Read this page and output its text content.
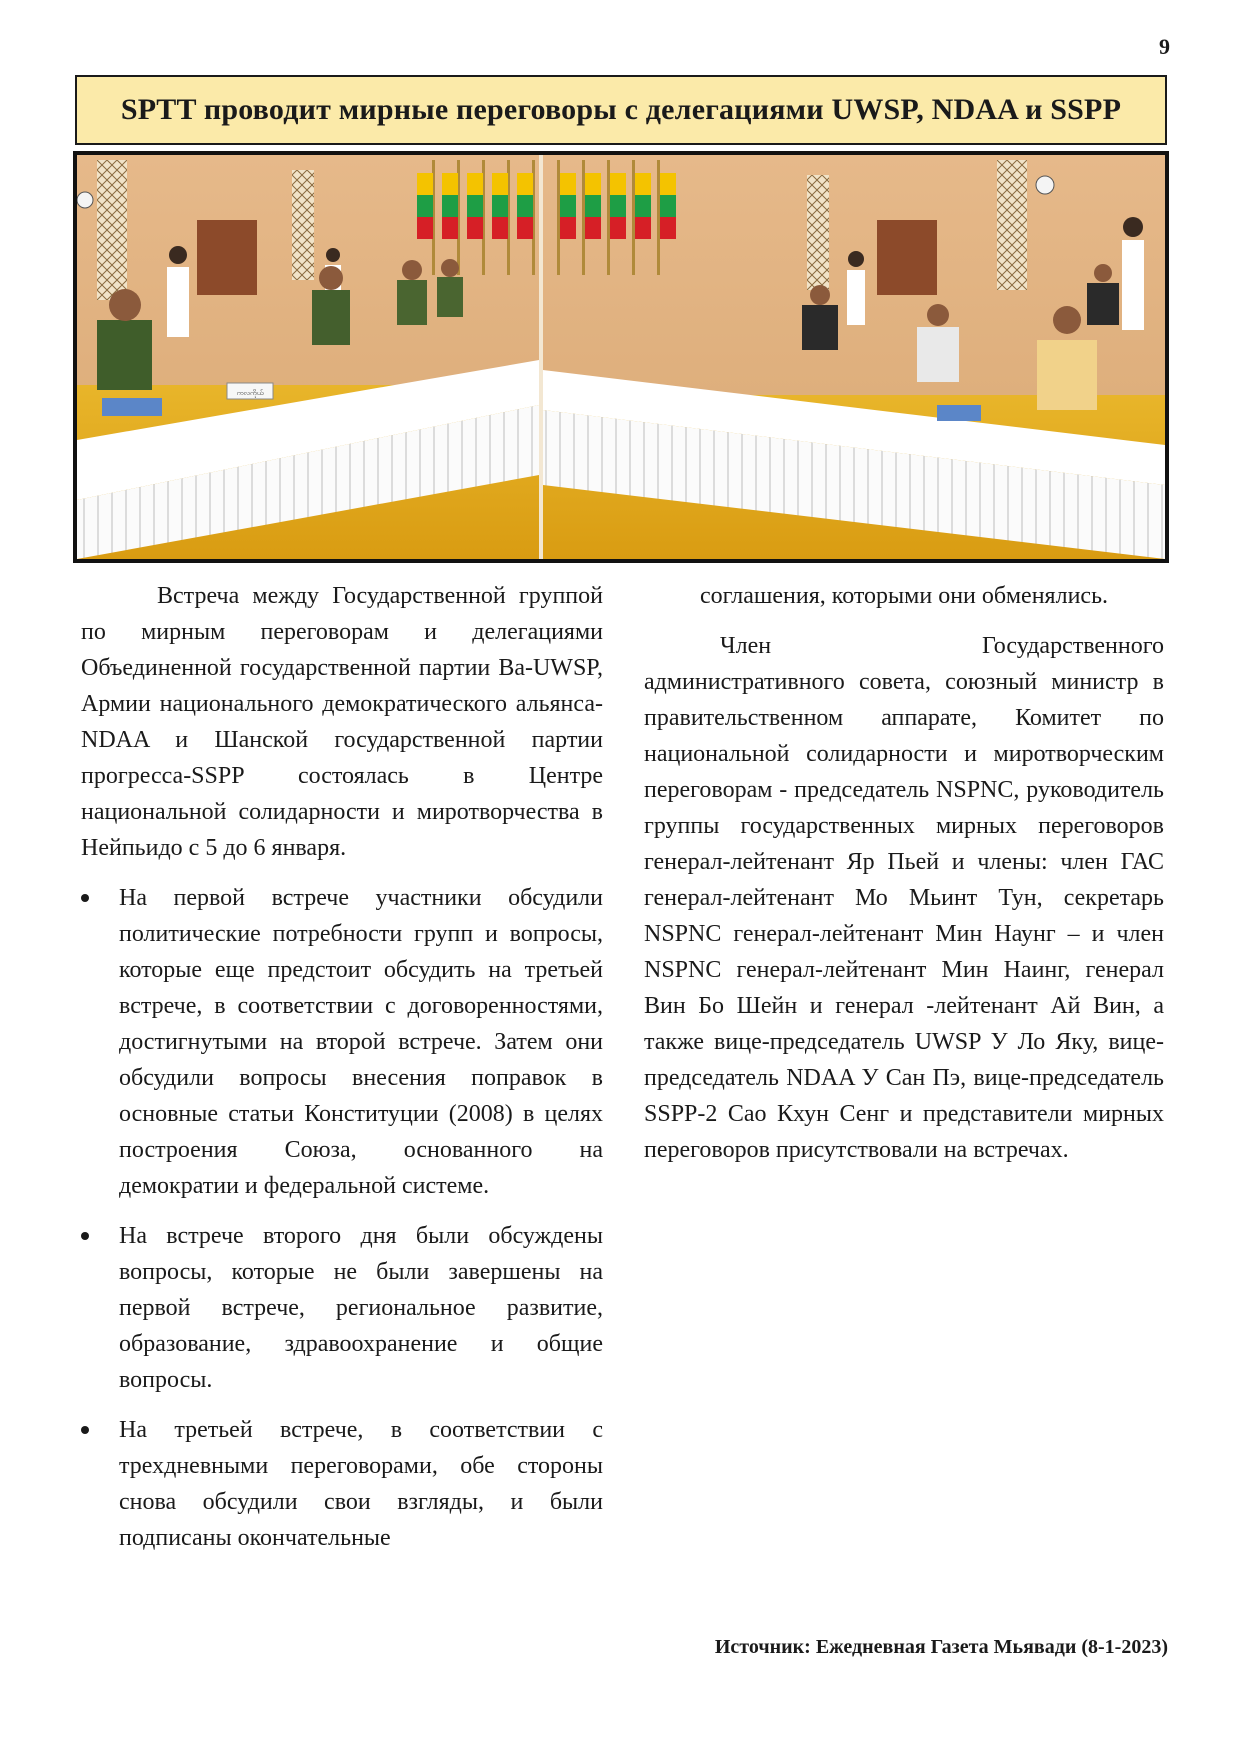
9
SPTT проводит мирные переговоры с делегациями UWSP, NDAA и SSPP
ကလကိုယ်

Встреча между Государственной группой по мирным переговорам и делегациями Объединенной государственной партии Ва-UWSP, Армии национального демократического альянса-NDAA и Шанской государственной партии прогресса-SSPP состоялась в Центре национальной солидарности и миротворчества в Нейпьидо с 5 до 6 января.

На первой встрече участники обсудили политические потребности групп и вопросы, которые еще предстоит обсудить на третьей встрече, в соответствии с договоренностями, достигнутыми на второй встрече. Затем они обсудили вопросы внесения поправок в основные статьи Конституции (2008) в целях построения Союза, основанного на демократии и федеральной системе.
На встрече второго дня были обсуждены вопросы, которые не были завершены на первой встрече, региональное развитие, образование, здравоохранение и общие вопросы.
На третьей встрече, в соответствии с трехдневными переговорами, обе стороны снова обсудили свои взгляды, и были подписаны окончательные

соглашения, которыми они обменялись.

Член Государственного административного совета, союзный министр в правительственном аппарате, Комитет по национальной солидарности и миротворческим переговорам - председатель NSPNC, руководитель группы государственных мирных переговоров генерал-лейтенант Яр Пьей и члены: член ГАС генерал-лейтенант Мо Мьинт Тун, секретарь NSPNC генерал-лейтенант Мин Наунг – и член NSPNC генерал-лейтенант Мин Наинг, генерал Вин Бо Шейн и генерал -лейтенант Ай Вин, а также вице-председатель UWSP У Ло Яку, вице-председатель NDAA У Сан Пэ, вице-председатель SSPP-2 Сао Кхун Сенг и представители мирных переговоров присутствовали на встречах.

Источник: Ежедневная Газета Мьявади (8-1-2023)
